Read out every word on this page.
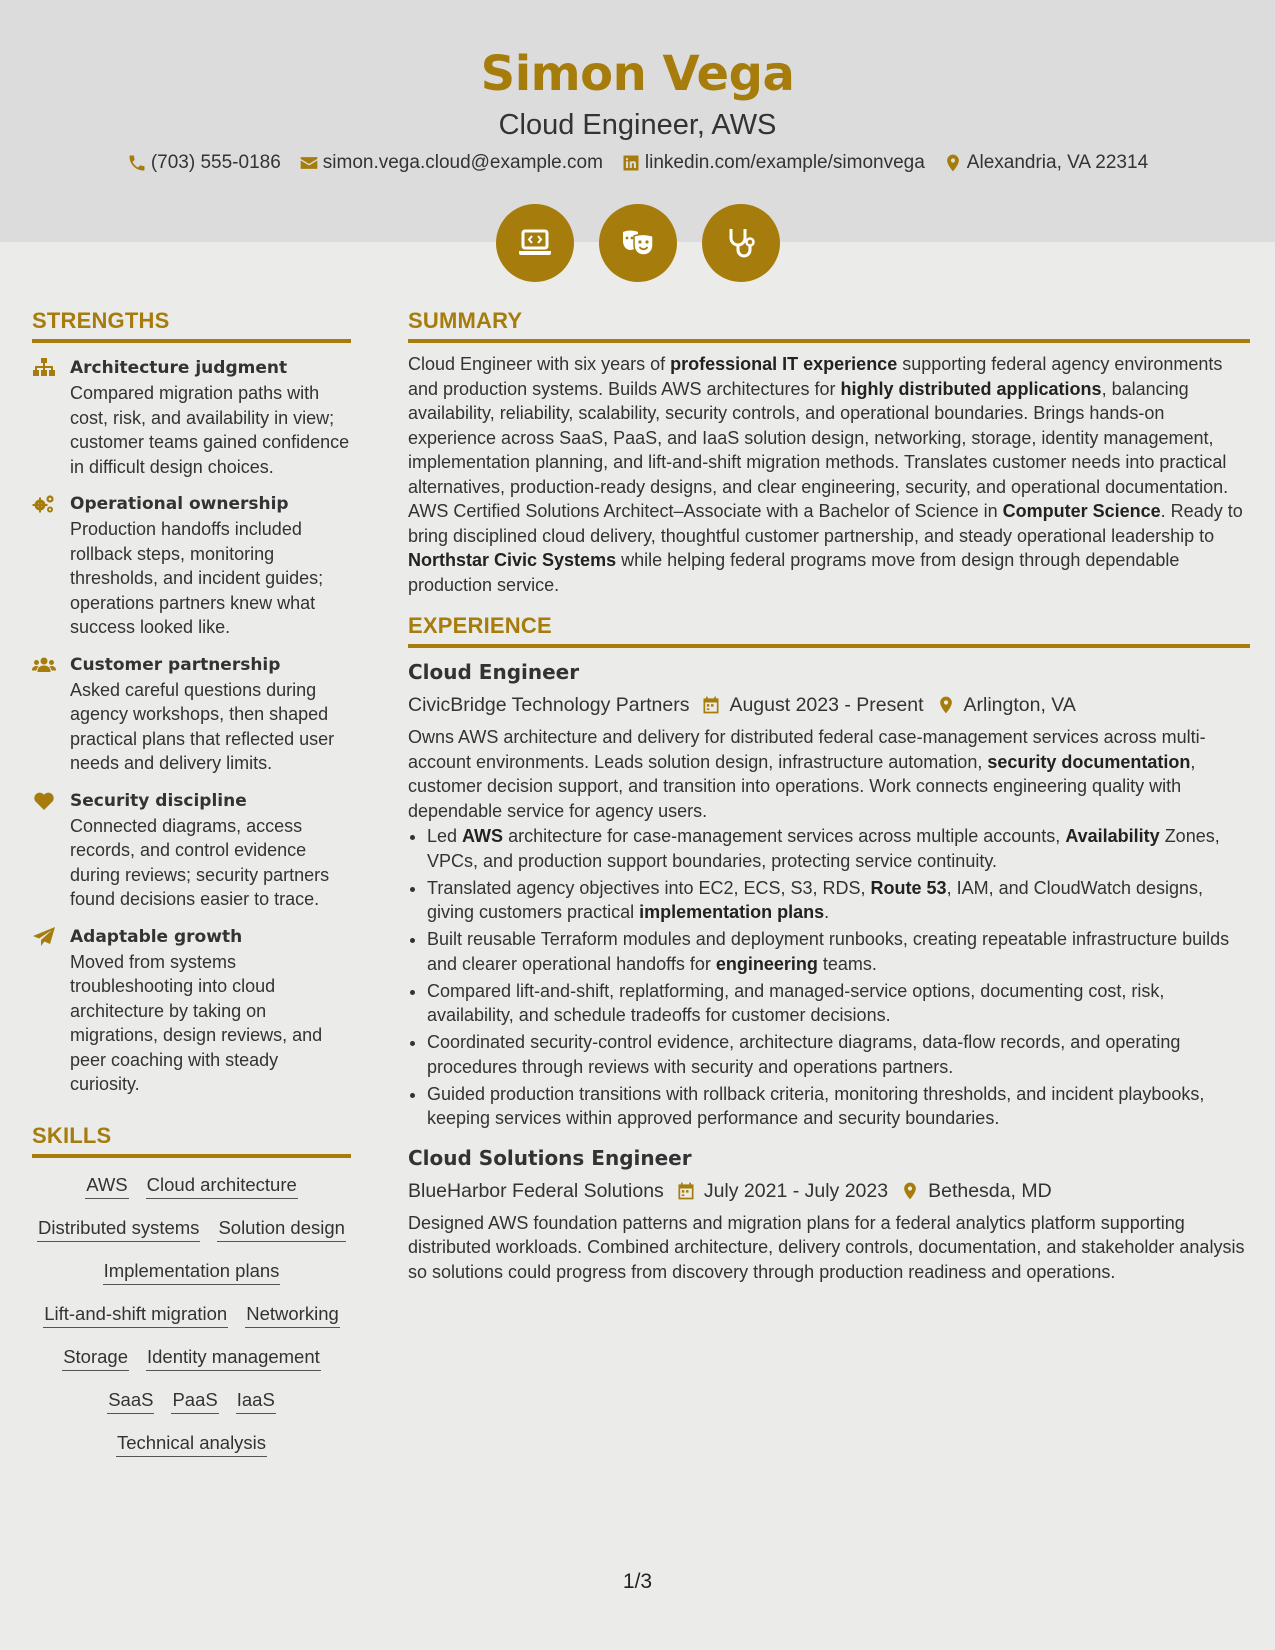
Simon Vega
Cloud Engineer, AWS
(703) 555-0186 simon.vega.cloud@example.com linkedin.com/example/simonvega Alexandria, VA 22314
STRENGTHS
Architecture judgment
Compared migration paths with cost, risk, and availability in view; customer teams gained confidence in difficult design choices.
Operational ownership
Production handoffs included rollback steps, monitoring thresholds, and incident guides; operations partners knew what success looked like.
Customer partnership
Asked careful questions during agency workshops, then shaped practical plans that reflected user needs and delivery limits.
Security discipline
Connected diagrams, access records, and control evidence during reviews; security partners found decisions easier to trace.
Adaptable growth
Moved from systems troubleshooting into cloud architecture by taking on migrations, design reviews, and peer coaching with steady curiosity.
SKILLS
AWS Cloud architecture
Distributed systems Solution design
Implementation plans
Lift-and-shift migration Networking
Storage Identity management
SaaS PaaS IaaS
Technical analysis
SUMMARY

Cloud Engineer with six years of professional IT experience supporting federal agency environments and production systems. Builds AWS architectures for highly distributed applications, balancing availability, reliability, scalability, security controls, and operational boundaries. Brings hands-on experience across SaaS, PaaS, and IaaS solution design, networking, storage, identity management, implementation planning, and lift-and-shift migration methods. Translates customer needs into practical alternatives, production-ready designs, and clear engineering, security, and operational documentation. AWS Certified Solutions Architect–Associate with a Bachelor of Science in Computer Science. Ready to bring disciplined cloud delivery, thoughtful customer partnership, and steady operational leadership to Northstar Civic Systems while helping federal programs move from design through dependable production service.

EXPERIENCE
Cloud Engineer
CivicBridge Technology Partners August 2023 - Present Arlington, VA

Owns AWS architecture and delivery for distributed federal case-management services across multi-account environments. Leads solution design, infrastructure automation, security documentation, customer decision support, and transition into operations. Work connects engineering quality with dependable service for agency users.

• Led AWS architecture for case-management services across multiple accounts, Availability Zones, VPCs, and production support boundaries, protecting service continuity.
• Translated agency objectives into EC2, ECS, S3, RDS, Route 53, IAM, and CloudWatch designs, giving customers practical implementation plans.
• Built reusable Terraform modules and deployment runbooks, creating repeatable infrastructure builds and clearer operational handoffs for engineering teams.
• Compared lift-and-shift, replatforming, and managed-service options, documenting cost, risk, availability, and schedule tradeoffs for customer decisions.
• Coordinated security-control evidence, architecture diagrams, data-flow records, and operating procedures through reviews with security and operations partners.
• Guided production transitions with rollback criteria, monitoring thresholds, and incident playbooks, keeping services within approved performance and security boundaries.
Cloud Solutions Engineer
BlueHarbor Federal Solutions July 2021 - July 2023 Bethesda, MD

Designed AWS foundation patterns and migration plans for a federal analytics platform supporting distributed workloads. Combined architecture, delivery controls, documentation, and stakeholder analysis so solutions could progress from discovery through production readiness and operations.

1/3
